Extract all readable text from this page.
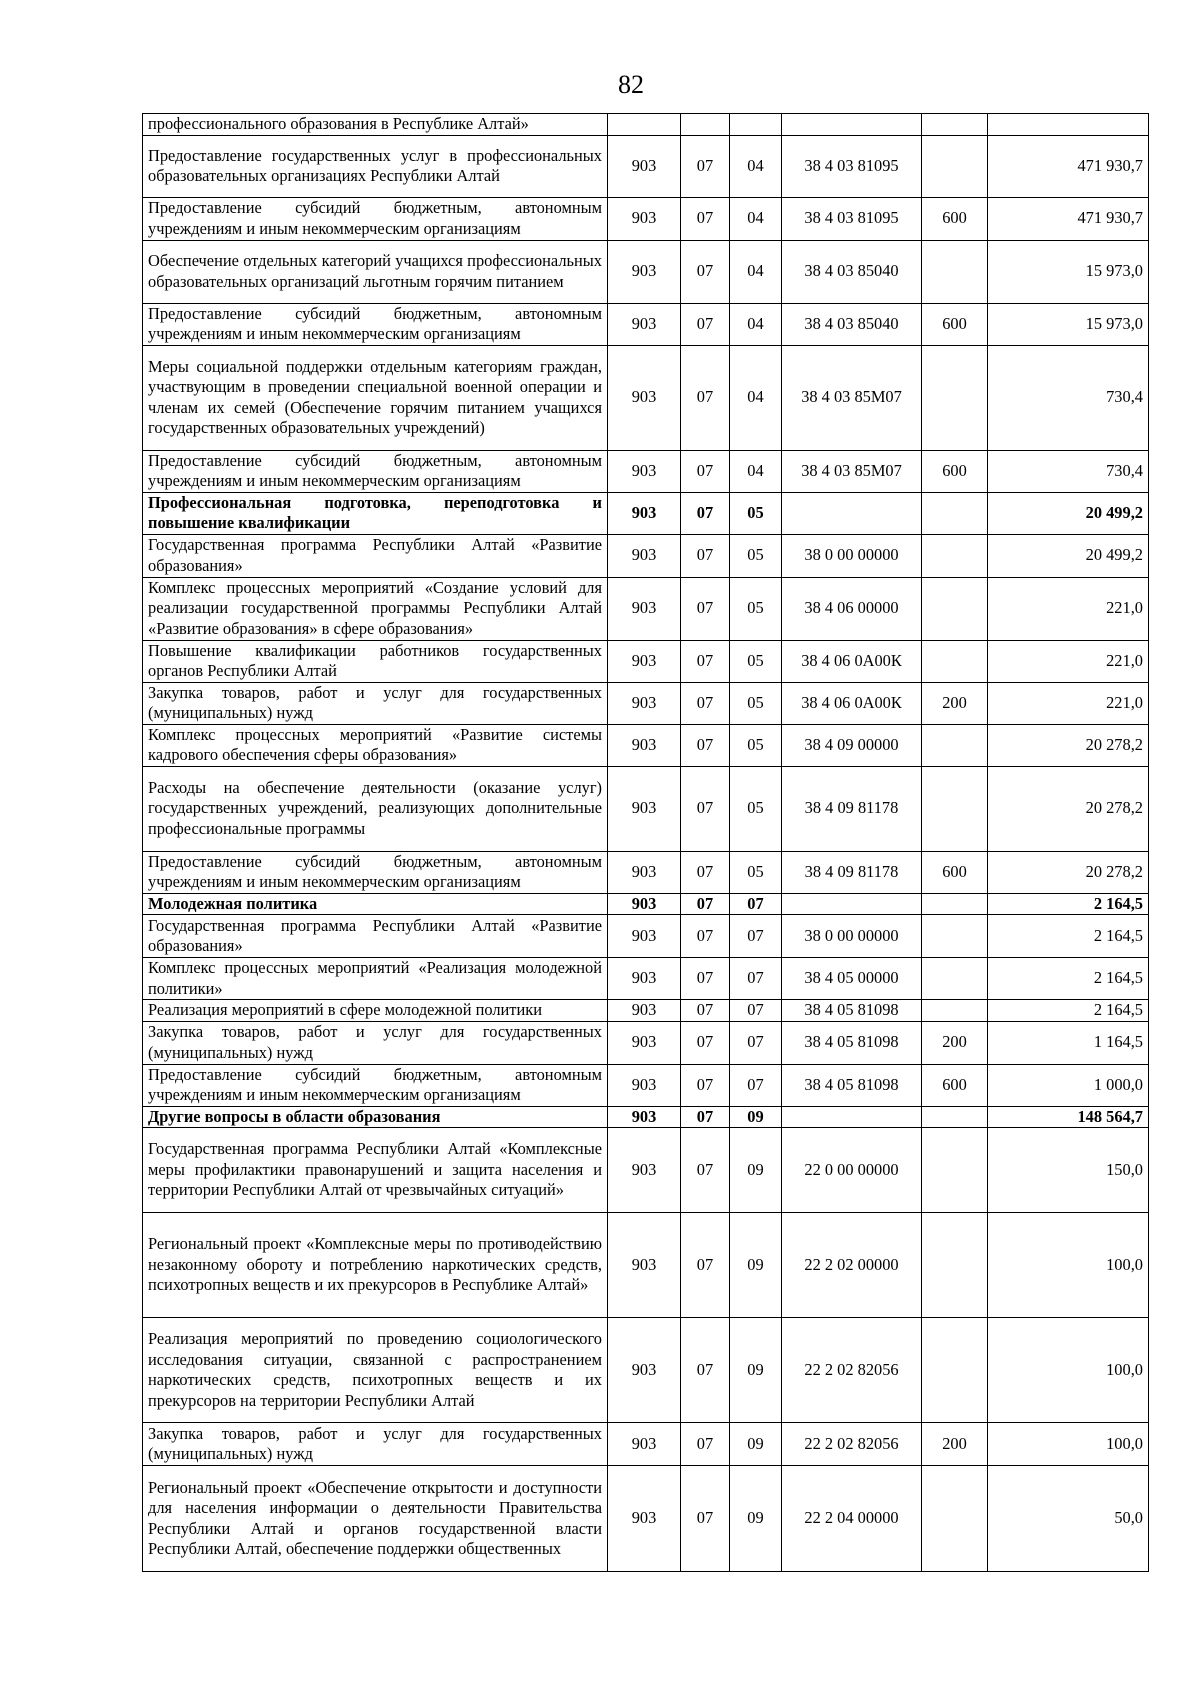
82
профессионального образования в Республике Алтай»						
Предоставление государственных услуг в профессиональных образовательных организациях Республики Алтай	903	07	04	38 4 03 81095		471 930,7
Предоставление субсидий бюджетным, автономным учреждениям и иным некоммерческим организациям	903	07	04	38 4 03 81095	600	471 930,7
Обеспечение отдельных категорий учащихся профессиональных образовательных организаций льготным горячим питанием	903	07	04	38 4 03 85040		15 973,0
Предоставление субсидий бюджетным, автономным учреждениям и иным некоммерческим организациям	903	07	04	38 4 03 85040	600	15 973,0
Меры социальной поддержки отдельным категориям граждан, участвующим в проведении специальной военной операции и членам их семей (Обеспечение горячим питанием учащихся государственных образовательных учреждений)	903	07	04	38 4 03 85М07		730,4
Предоставление субсидий бюджетным, автономным учреждениям и иным некоммерческим организациям	903	07	04	38 4 03 85М07	600	730,4
Профессиональная подготовка, переподготовка и повышение квалификации	903	07	05			20 499,2
Государственная программа Республики Алтай «Развитие образования»	903	07	05	38 0 00 00000		20 499,2
Комплекс процессных мероприятий «Создание условий для реализации государственной программы Республики Алтай «Развитие образования» в сфере образования»	903	07	05	38 4 06 00000		221,0
Повышение квалификации работников государственных органов Республики Алтай	903	07	05	38 4 06 0А00К		221,0
Закупка товаров, работ и услуг для государственных (муниципальных) нужд	903	07	05	38 4 06 0А00К	200	221,0
Комплекс процессных мероприятий «Развитие системы кадрового обеспечения сферы образования»	903	07	05	38 4 09 00000		20 278,2
Расходы на обеспечение деятельности (оказание услуг) государственных учреждений, реализующих дополнительные профессиональные программы	903	07	05	38 4 09 81178		20 278,2
Предоставление субсидий бюджетным, автономным учреждениям и иным некоммерческим организациям	903	07	05	38 4 09 81178	600	20 278,2
Молодежная политика	903	07	07			2 164,5
Государственная программа Республики Алтай «Развитие образования»	903	07	07	38 0 00 00000		2 164,5
Комплекс процессных мероприятий «Реализация молодежной политики»	903	07	07	38 4 05 00000		2 164,5
Реализация мероприятий в сфере молодежной политики	903	07	07	38 4 05 81098		2 164,5
Закупка товаров, работ и услуг для государственных (муниципальных) нужд	903	07	07	38 4 05 81098	200	1 164,5
Предоставление субсидий бюджетным, автономным учреждениям и иным некоммерческим организациям	903	07	07	38 4 05 81098	600	1 000,0
Другие вопросы в области образования	903	07	09			148 564,7
Государственная программа Республики Алтай «Комплексные меры профилактики правонарушений и защита населения и территории Республики Алтай от чрезвычайных ситуаций»	903	07	09	22 0 00 00000		150,0
Региональный проект «Комплексные меры по противодействию незаконному обороту и потреблению наркотических средств, психотропных веществ и их прекурсоров в Республике Алтай»	903	07	09	22 2 02 00000		100,0
Реализация мероприятий по проведению социологического исследования ситуации, связанной с распространением наркотических средств, психотропных веществ и их прекурсоров на территории Республики Алтай	903	07	09	22 2 02 82056		100,0
Закупка товаров, работ и услуг для государственных (муниципальных) нужд	903	07	09	22 2 02 82056	200	100,0
Региональный проект «Обеспечение открытости и доступности для населения информации о деятельности Правительства Республики Алтай и органов государственной власти Республики Алтай, обеспечение поддержки общественных	903	07	09	22 2 04 00000		50,0
